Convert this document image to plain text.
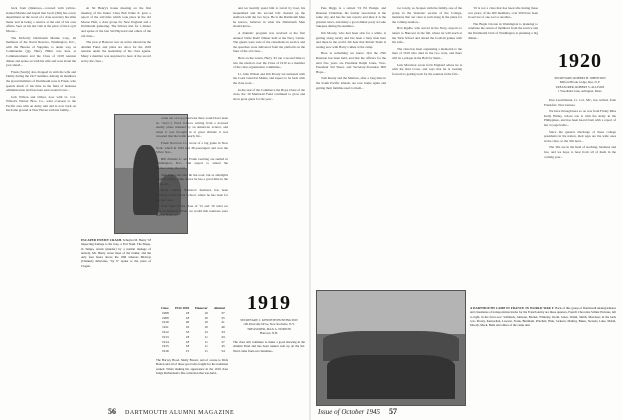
back from (Okinawa—covered with yellow-stained Marine and hoped that Jacob (Jim) has a new department on the wood of a class secretary his alma mater and in being a reserve at the end of his own affairs. Sees on his last visit at the place of the Loyal Moose...

The Perfectly Dartmouth Marine Corp, all members of the Naval Reserve, Washington, D.C., with the Bureau of Supplies, is under way as Commander (jg). Harry Hiller was here at Commencement and the Class of 1918 reunion dinner and spoke on with his wife and sons about the year ahead...

Frank (Sandy) also dropped in with his wife and family during the 1917 summer. Among its members the proud members of Dartmouth sons is Frank, who spends much of his time in the field of business administration and has been seen around town...

Jack Wilson and Oliver, now with Lt. Col. Wilson's Warner Bros. Co., went overseas to the Pacific area with an Army unit and is now back on his home ground at New Haven with his family...

At Sir Henry's house meeting on the first meeting of the Junior Class Bob Kline Jr. gave a report of the activities which took place in the old Moose Hall, a class group for New England and a Dartmouth gathering. The fellows met for a dinner and spoke of the late Sid Hayward and others of the old class...

The year at Hanover saw an active interest in the Alumni Fund, and plans are afoot for the 1918 reunion under the leadership of the class agents. Many a member was surprised to hear of the record set by the class...

ESCAPED ENEMY CRASH. Schuyler M. Henry '18 inspecting damage to his Jeep, a Fort Nash. The Sheep, in Tampa, struck (murder) by a normal manage of nobody. Mr. Henry wrote most of the rudder, and the only four hours above the 18th whereas Midway (Channel) deliveries, "by it" spoke to the press of Clogen.

come out on top (otherwise there would have been no "story"). Word follows writing from a downed enemy plane manned by an American aviator, and when it was brought in at great altitude it was revealed that the bomb nearly hit...

Frank Norcross Co. wrote of a big game in New York, which in 1943 had 48 passengers and won the Silver Star...

Bill Zirinski Jr. and Frank Gerbing are settled in Washington, D.C., and expect to attend the Homecoming this fall...

Sam Fuller has also hit the road, but as sidelights from the Army camp shows he has a good time in the Texas air...

Harry Abbott, Barbara's husband, has been studying at the Naval School, where he has been for the last year...

Your 'best' of the class of '15 and '19 what we were in Hanover? Well, we would that reunions were held in Hanover.

Class	1944 1945	Hanover	Alumni
1908	18	10	37
1909	18	10	25
1910	26	10	21
1911	16	10	40
1912	33	12	34
1913	18	11	43
1914	18	11	27
1915	18	11	45
1916	15	11	54
The Harvey Hood, Molly Brown, and of course to Dick Bolton and all of those good who fought for the transition earned. When making his appearance in the 1919 class Judge Richardson's fine collection that was held...

and we heartily spent him to travel by boat, his bequeathed and his second ball cleaned up the Ashborn with the two boys. He is the Dartmouth Men he knows, believes in what the Dartmouth Men should know...

A dramatic program was received at the first Annual 'Little Dads' Dinner held at the Navy Center. The guests were sons of the classmates in service and the speeches were delivered from the platform on the lines of the old class...

Here on the Green, Harry '45 ran a second time to win the election over the Class of 1919 as a member of the class organisation committee...

Lt. John Wilson and Jim Prouty are stationed with the Coast Guard in Maine, and expect to be back with the class soon...

In the seat of the Commerce the Hope Chest of the class, the '19 Memorial Fund continued to grow and show great gains for the year...

1919
SECRETARY, J. KENNETH HUNTINGTON
109 Riverside Drive, New Rochelle, N.Y.
TREASURER, MAX A. NORTON
Hanover, N.H.
The class still continues to make a good showing in the Alumni Fund and has been ranked well up on the list. Word came from our classmate...
56 DARTMOUTH ALUMNI MAGAZINE

Pete Diggs is a retired '19 Ed Ensign, and Reunion Chairman, his former association is the same city and has his last reports and then it is the greatest news, and many a good dinner party at Lake Sunapee during the summer...

Jim Moody, who had been sick for a while, is getting along nicely and has been a busy man here and there in the world. We hear that Robert Slade is resting now with Harry Cullen at the camp.

Here is something we know: that the 25th Reunion has been held, and that the officers for the next five years are President Ralph Jones, Vice-President Sid Shear, and Secretary-Treasurer Bill Hope...

Tom Ready and the Marines, after a long time in the South Pacific islands, are now home again and getting their families used to them...

too lovely, as Jacques with the family, one of the group in the Veterans' section of the College, mentions that our class is well along in the plans for the coming reunion...

Bob Ingalls, who served in the Navy, expects to return to Hanover in the fall, where he will teach at the Tuck School and attend the football games with his wife...

The class has been organizing a memorial to the men of 1919 who died in the two wars, and there will be a plaque in the Hall for them...

Jack Morrison wrote from England where he is with the Red Cross, and says that he is looking forward to getting back for the reunion in the fall...

'19 is not a class that has been idle during these war years; of the 400 members, over 200 have been in service of one sort or another...

The Bugle Chorus in Washington is planning to celebrate the return of members from the service and the Dartmouth Club of Washington is planning a big dinner...

1920
SECRETARY, ROBERT B. JOHNSTON
Milford Brook Lodge, Rye, N.Y.
TREASURER, ROBERT S. ALLISON
1 Woodland Lane, Arlington, Mass.

Dan Leuchtmann, Lt. Col. MC, has written from Frankfort, New Guinea.

We have through here so on was from Friday Miss Kelly Hailey, whose son is with the Army in the Philippines, and has been heard from with a report of her voyage home...

Since the general discharge of three college presidents in the nation, their ages are the wide ones in the class, so the '20s have...

The '20s are in the field of teaching, business and law, and we hope to hear from all of them in the coming year...

A DARTMOUTH CAMP IN FRANCE IN WORLD WAR I: Back of this group of Dartmouth undergraduates and classmates of transportation trucks for the French Army are these quarters, French Chocolate Schutz Pictures, left to right, in the front row: Schmuck, Johnson, Beckel, Whiteley, Dodd, Jones, Walsh, Smith, Morrison; in the back row: Prouty, Kernochan, Lawson, Trask, Burnham, Pritchett, Hale, Jackson, Mathey, Baker, Stevens, Lake, Marsh, Moody, Mack, Bells and others of the camp unit.
Issue of October 1945 57
